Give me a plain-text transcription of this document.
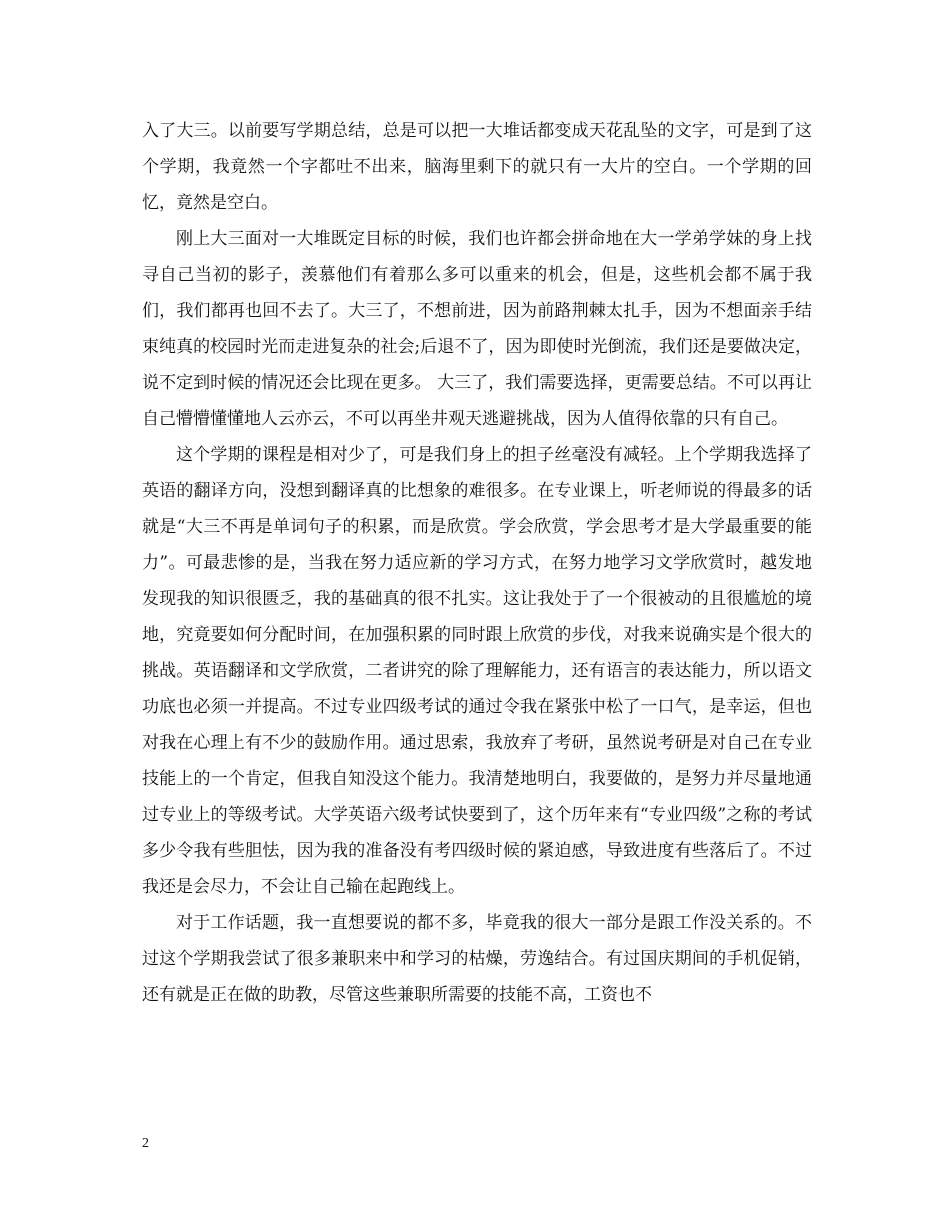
入了大三。以前要写学期总结，总是可以把一大堆话都变成天花乱坠的文字，可是到了这个学期，我竟然一个字都吐不出来，脑海里剩下的就只有一大片的空白。一个学期的回忆，竟然是空白。

刚上大三面对一大堆既定目标的时候，我们也许都会拼命地在大一学弟学妹的身上找寻自己当初的影子，羡慕他们有着那么多可以重来的机会，但是，这些机会都不属于我们，我们都再也回不去了。大三了，不想前进，因为前路荆棘太扎手，因为不想面亲手结束纯真的校园时光而走进复杂的社会;后退不了，因为即使时光倒流，我们还是要做决定，说不定到时候的情况还会比现在更多。 大三了，我们需要选择，更需要总结。不可以再让自己懵懵懂懂地人云亦云，不可以再坐井观天逃避挑战，因为人值得依靠的只有自己。

这个学期的课程是相对少了，可是我们身上的担子丝毫没有减轻。上个学期我选择了英语的翻译方向，没想到翻译真的比想象的难很多。在专业课上，听老师说的得最多的话就是“大三不再是单词句子的积累，而是欣赏。学会欣赏，学会思考才是大学最重要的能力”。可最悲惨的是，当我在努力适应新的学习方式，在努力地学习文学欣赏时，越发地发现我的知识很匮乏，我的基础真的很不扎实。这让我处于了一个很被动的且很尴尬的境地，究竟要如何分配时间，在加强积累的同时跟上欣赏的步伐，对我来说确实是个很大的挑战。英语翻译和文学欣赏，二者讲究的除了理解能力，还有语言的表达能力，所以语文功底也必须一并提高。不过专业四级考试的通过令我在紧张中松了一口气，是幸运，但也对我在心理上有不少的鼓励作用。通过思索，我放弃了考研，虽然说考研是对自己在专业技能上的一个肯定，但我自知没这个能力。我清楚地明白，我要做的，是努力并尽量地通过专业上的等级考试。大学英语六级考试快要到了，这个历年来有“专业四级”之称的考试多少令我有些胆怯，因为我的准备没有考四级时候的紧迫感，导致进度有些落后了。不过我还是会尽力，不会让自己输在起跑线上。

对于工作话题，我一直想要说的都不多，毕竟我的很大一部分是跟工作没关系的。不过这个学期我尝试了很多兼职来中和学习的枯燥，劳逸结合。有过国庆期间的手机促销，还有就是正在做的助教，尽管这些兼职所需要的技能不高，工资也不

2
